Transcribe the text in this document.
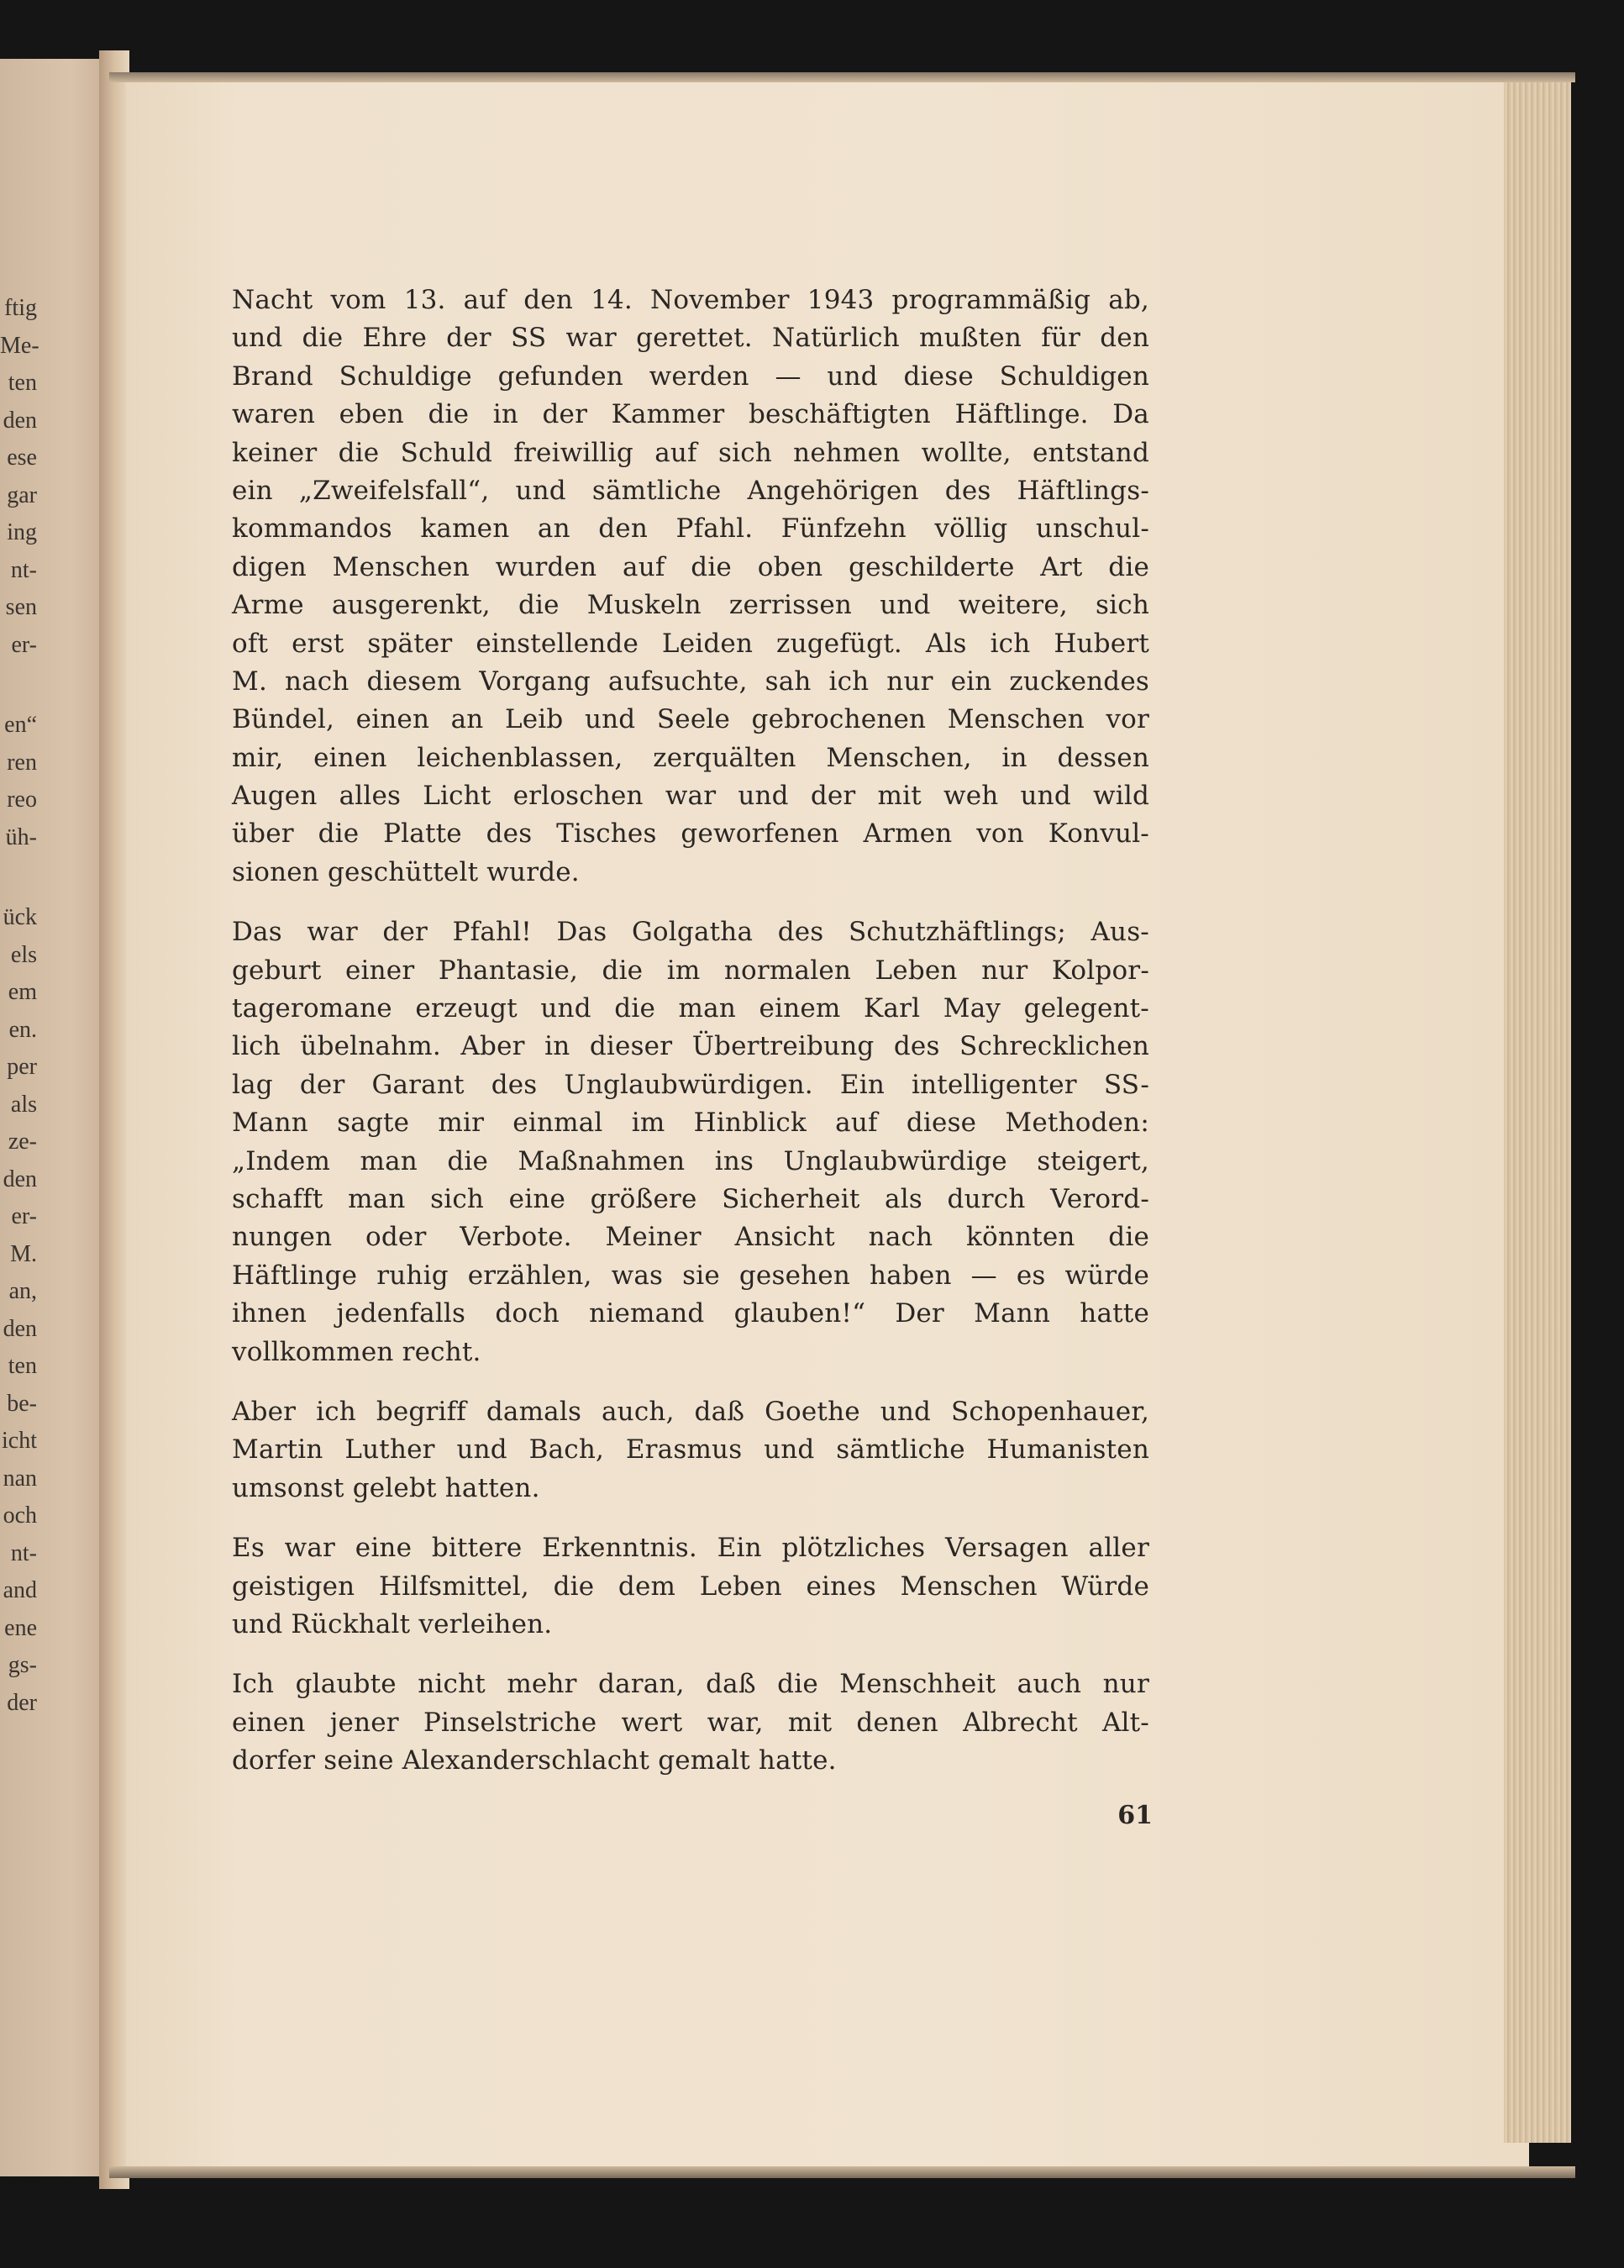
ftig
Me-
ten
den
ese
gar
ing
nt-
sen
er-
en“
ren
reo
üh-
ück
els
em
en.
per
als
ze-
den
er-
M.
an,
den
ten
be-
icht
nan
och
nt-
and
ene
gs-
der
Nacht vom 13. auf den 14. November 1943 programmäßig ab,
und die Ehre der SS war gerettet. Natürlich mußten für den
Brand Schuldige gefunden werden — und diese Schuldigen
waren eben die in der Kammer beschäftigten Häftlinge. Da
keiner die Schuld freiwillig auf sich nehmen wollte, entstand
ein „Zweifelsfall“, und sämtliche Angehörigen des Häftlings-
kommandos kamen an den Pfahl. Fünfzehn völlig unschul-
digen Menschen wurden auf die oben geschilderte Art die
Arme ausgerenkt, die Muskeln zerrissen und weitere, sich
oft erst später einstellende Leiden zugefügt. Als ich Hubert
M. nach diesem Vorgang aufsuchte, sah ich nur ein zuckendes
Bündel, einen an Leib und Seele gebrochenen Menschen vor
mir, einen leichenblassen, zerquälten Menschen, in dessen
Augen alles Licht erloschen war und der mit weh und wild
über die Platte des Tisches geworfenen Armen von Konvul-
sionen geschüttelt wurde.
Das war der Pfahl! Das Golgatha des Schutzhäftlings; Aus-
geburt einer Phantasie, die im normalen Leben nur Kolpor-
tageromane erzeugt und die man einem Karl May gelegent-
lich übelnahm. Aber in dieser Übertreibung des Schrecklichen
lag der Garant des Unglaubwürdigen. Ein intelligenter SS-
Mann sagte mir einmal im Hinblick auf diese Methoden:
„Indem man die Maßnahmen ins Unglaubwürdige steigert,
schafft man sich eine größere Sicherheit als durch Verord-
nungen oder Verbote. Meiner Ansicht nach könnten die
Häftlinge ruhig erzählen, was sie gesehen haben — es würde
ihnen jedenfalls doch niemand glauben!“ Der Mann hatte
vollkommen recht.
Aber ich begriff damals auch, daß Goethe und Schopenhauer,
Martin Luther und Bach, Erasmus und sämtliche Humanisten
umsonst gelebt hatten.
Es war eine bittere Erkenntnis. Ein plötzliches Versagen aller
geistigen Hilfsmittel, die dem Leben eines Menschen Würde
und Rückhalt verleihen.
Ich glaubte nicht mehr daran, daß die Menschheit auch nur
einen jener Pinselstriche wert war, mit denen Albrecht Alt-
dorfer seine Alexanderschlacht gemalt hatte.
61
